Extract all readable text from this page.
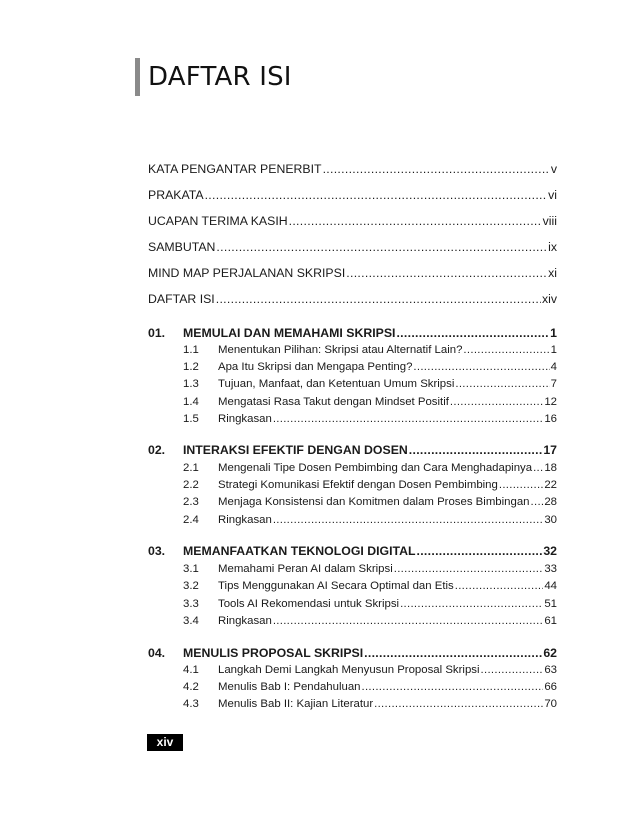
DAFTAR ISI
KATA PENGANTAR PENERBIT .....	v
PRAKATA .....	vi
UCAPAN TERIMA KASIH .....	viii
SAMBUTAN .....	ix
MIND MAP PERJALANAN SKRIPSI .....	xi
DAFTAR ISI .....	xiv
01.	MEMULAI DAN MEMAHAMI SKRIPSI .....	1
1.1	Menentukan Pilihan: Skripsi atau Alternatif Lain? .....	1
1.2	Apa Itu Skripsi dan Mengapa Penting? .....	4
1.3	Tujuan, Manfaat, dan Ketentuan Umum Skripsi .....	7
1.4	Mengatasi Rasa Takut dengan Mindset Positif .....	12
1.5	Ringkasan .....	16
02.	INTERAKSI EFEKTIF DENGAN DOSEN .....	17
2.1	Mengenali Tipe Dosen Pembimbing dan Cara Menghadapinya ..... 18
2.2	Strategi Komunikasi Efektif dengan Dosen Pembimbing .....	22
2.3	Menjaga Konsistensi dan Komitmen dalam Proses Bimbingan ..... 28
2.4	Ringkasan .....	30
03.	MEMANFAATKAN TEKNOLOGI DIGITAL .....	32
3.1	Memahami Peran AI dalam Skripsi .....	33
3.2	Tips Menggunakan AI Secara Optimal dan Etis .....	44
3.3	Tools AI Rekomendasi untuk Skripsi .....	51
3.4	Ringkasan .....	61
04.	MENULIS PROPOSAL SKRIPSI .....	62
4.1	Langkah Demi Langkah Menyusun Proposal Skripsi .....	63
4.2	Menulis Bab I: Pendahuluan .....	66
4.3	Menulis Bab II: Kajian Literatur .....	70
xiv
